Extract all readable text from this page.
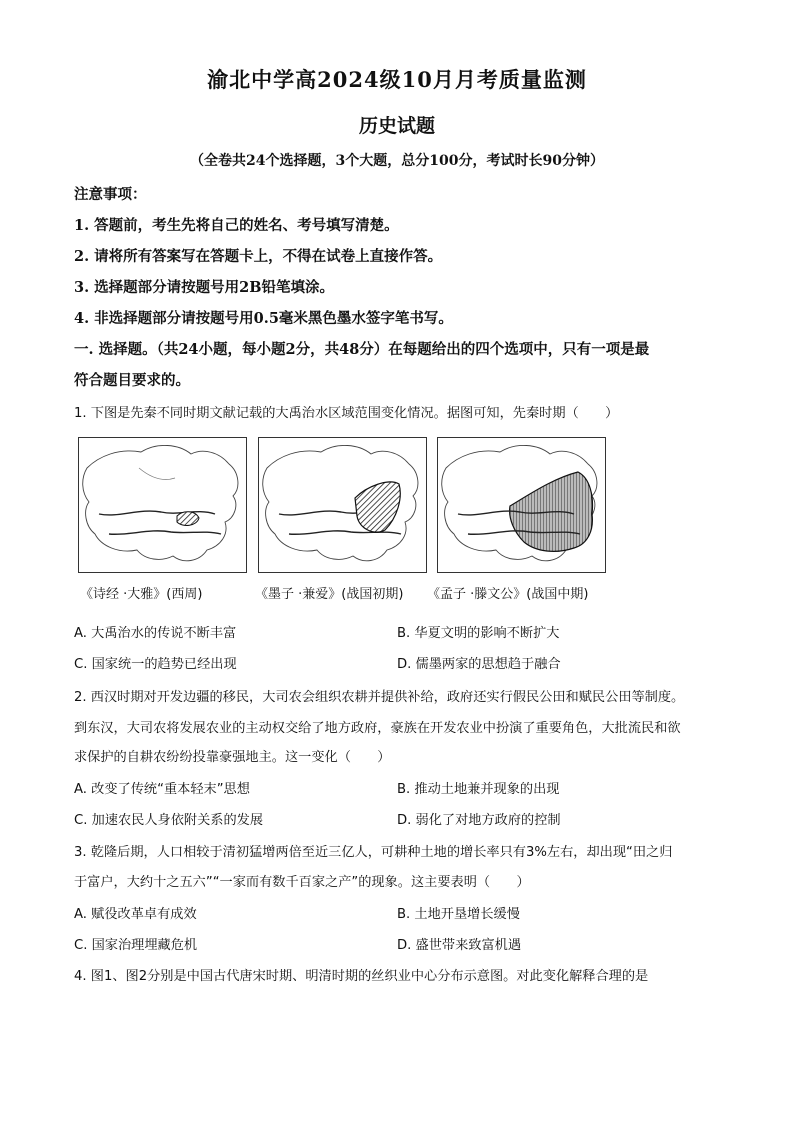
渝北中学高2024级10月月考质量监测
历史试题
（全卷共24个选择题，3个大题，总分100分，考试时长90分钟）
注意事项：
1. 答题前，考生先将自己的姓名、考号填写清楚。
2. 请将所有答案写在答题卡上，不得在试卷上直接作答。
3. 选择题部分请按题号用2B铅笔填涂。
4. 非选择题部分请按题号用0.5毫米黑色墨水签字笔书写。
一. 选择题。（共24小题，每小题2分，共48分）在每题给出的四个选项中，只有一项是最
符合题目要求的。
1. 下图是先秦不同时期文献记载的大禹治水区域范围变化情况。据图可知，先秦时期（　　）
《诗经 ·大雅》(西周)	《墨子 ·兼爱》(战国初期) 《孟子 ·滕文公》(战国中期)
A. 大禹治水的传说不断丰富	B. 华夏文明的影响不断扩大
C. 国家统一的趋势已经出现	D. 儒墨两家的思想趋于融合
2. 西汉时期对开发边疆的移民，大司农会组织农耕并提供补给，政府还实行假民公田和赋民公田等制度。
到东汉，大司农将发展农业的主动权交给了地方政府，豪族在开发农业中扮演了重要角色，大批流民和欲
求保护的自耕农纷纷投靠豪强地主。这一变化（　　）
A. 改变了传统“重本轻末”思想	B. 推动土地兼并现象的出现
C. 加速农民人身依附关系的发展	D. 弱化了对地方政府的控制
3. 乾隆后期，人口相较于清初猛增两倍至近三亿人，可耕种土地的增长率只有3%左右，却出现“田之归
于富户，大约十之五六”“一家而有数千百家之产”的现象。这主要表明（　　）
A. 赋役改革卓有成效	B. 土地开垦增长缓慢
C. 国家治理埋藏危机	D. 盛世带来致富机遇
4. 图1、图2分别是中国古代唐宋时期、明清时期的丝织业中心分布示意图。对此变化解释合理的是
